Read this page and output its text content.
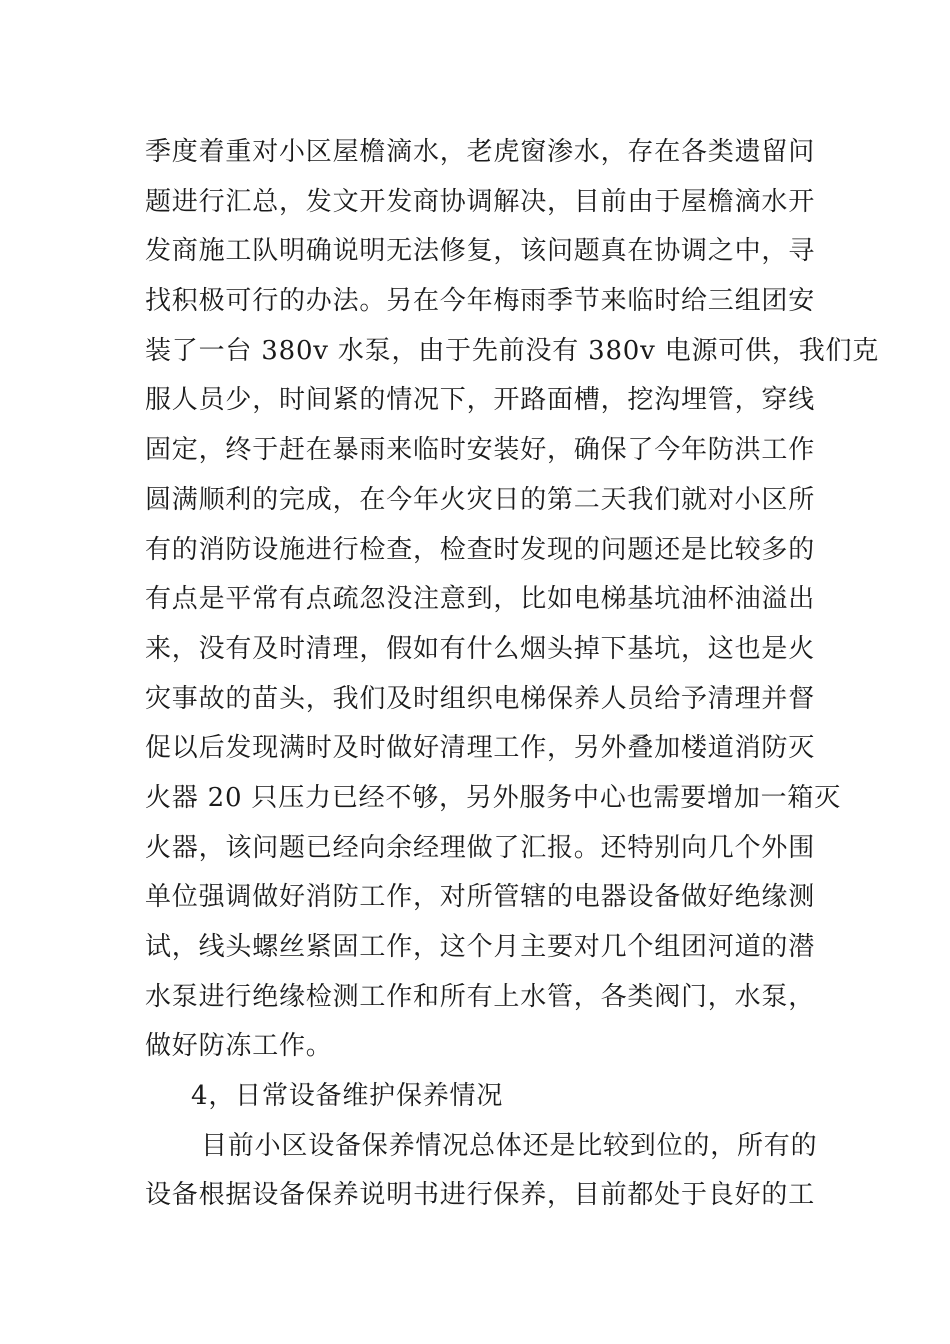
季度着重对小区屋檐滴水，老虎窗渗水，存在各类遗留问
题进行汇总，发文开发商协调解决，目前由于屋檐滴水开
发商施工队明确说明无法修复，该问题真在协调之中，寻
找积极可行的办法。另在今年梅雨季节来临时给三组团安
装了一台 380v 水泵，由于先前没有 380v 电源可供，我们克
服人员少，时间紧的情况下，开路面槽，挖沟埋管，穿线
固定，终于赶在暴雨来临时安装好，确保了今年防洪工作
圆满顺利的完成，在今年火灾日的第二天我们就对小区所
有的消防设施进行检查，检查时发现的问题还是比较多的
有点是平常有点疏忽没注意到，比如电梯基坑油杯油溢出
来，没有及时清理，假如有什么烟头掉下基坑，这也是火
灾事故的苗头，我们及时组织电梯保养人员给予清理并督
促以后发现满时及时做好清理工作，另外叠加楼道消防灭
火器 20 只压力已经不够，另外服务中心也需要增加一箱灭
火器，该问题已经向余经理做了汇报。还特别向几个外围
单位强调做好消防工作，对所管辖的电器设备做好绝缘测
试，线头螺丝紧固工作，这个月主要对几个组团河道的潜
水泵进行绝缘检测工作和所有上水管，各类阀门，水泵，
做好防冻工作。
4，日常设备维护保养情况
目前小区设备保养情况总体还是比较到位的，所有的
设备根据设备保养说明书进行保养，目前都处于良好的工
